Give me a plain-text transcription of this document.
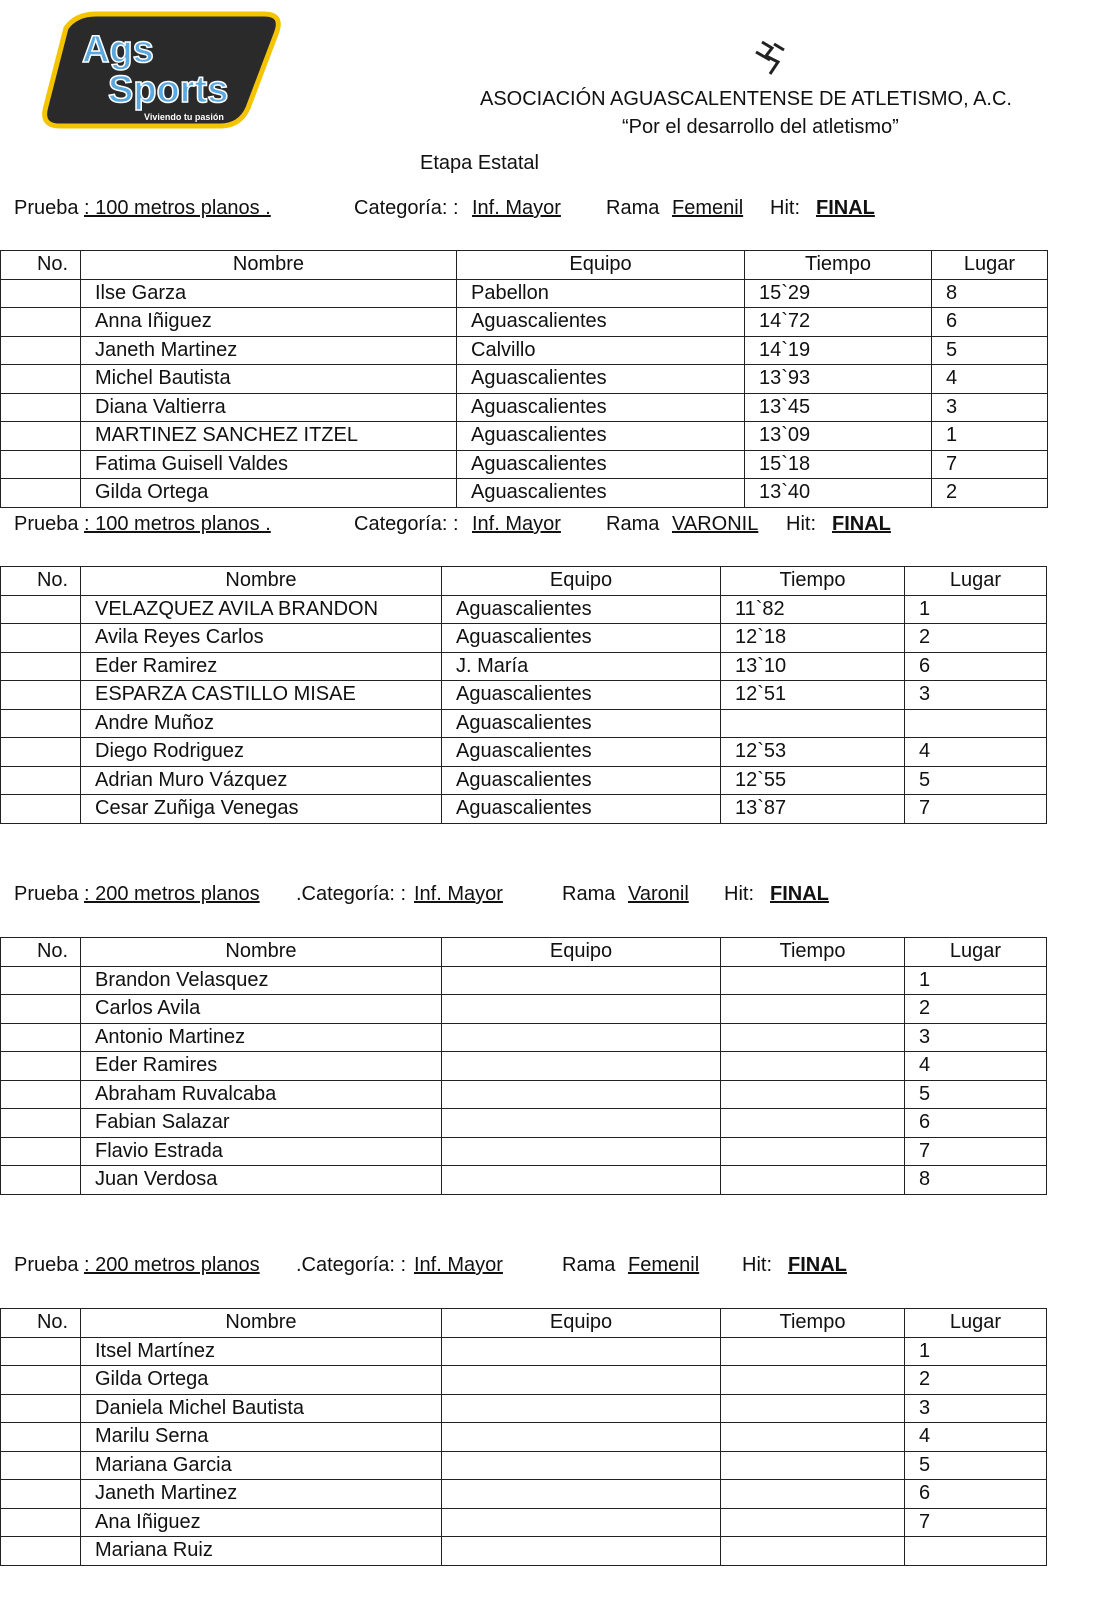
Ags
Sports
Viviendo tu pasión
ASOCIACIÓN AGUASCALENTENSE DE ATLETISMO, A.C.
“Por el desarrollo del atletismo”
Etapa Estatal
Prueba : 100 metros planos .	Categoría: : Inf. Mayor Rama Femenil Hit: FINAL
No.	Nombre	Equipo	Tiempo	Lugar
	Ilse Garza	Pabellon	15`29	8
	Anna Iñiguez	Aguascalientes	14`72	6
	Janeth Martinez	Calvillo	14`19	5
	Michel Bautista	Aguascalientes	13`93	4
	Diana Valtierra	Aguascalientes	13`45	3
	MARTINEZ SANCHEZ ITZEL	Aguascalientes	13`09	1
	Fatima Guisell Valdes	Aguascalientes	15`18	7
	Gilda Ortega	Aguascalientes	13`40	2
Prueba : 100 metros planos .	Categoría: : Inf. Mayor Rama VARONIL Hit: FINAL
No.	Nombre	Equipo	Tiempo	Lugar
	VELAZQUEZ AVILA BRANDON	Aguascalientes	11`82	1
	Avila Reyes Carlos	Aguascalientes	12`18	2
	Eder Ramirez	J. María	13`10	6
	ESPARZA CASTILLO MISAE	Aguascalientes	12`51	3
	Andre Muñoz	Aguascalientes		
	Diego Rodriguez	Aguascalientes	12`53	4
	Adrian Muro Vázquez	Aguascalientes	12`55	5
	Cesar Zuñiga Venegas	Aguascalientes	13`87	7
Prueba : 200 metros planos .Categoría: : Inf. Mayor	Rama Varonil Hit: FINAL
No.	Nombre	Equipo	Tiempo	Lugar
	Brandon Velasquez			1
	Carlos Avila			2
	Antonio Martinez			3
	Eder Ramires			4
	Abraham Ruvalcaba			5
	Fabian Salazar			6
	Flavio Estrada			7
	Juan Verdosa			8
Prueba : 200 metros planos .Categoría: : Inf. Mayor	Rama Femenil Hit: FINAL
No.	Nombre	Equipo	Tiempo	Lugar
	Itsel Martínez			1
	Gilda Ortega			2
	Daniela Michel Bautista			3
	Marilu Serna			4
	Mariana Garcia			5
	Janeth Martinez			6
	Ana Iñiguez			7
	Mariana Ruiz			
